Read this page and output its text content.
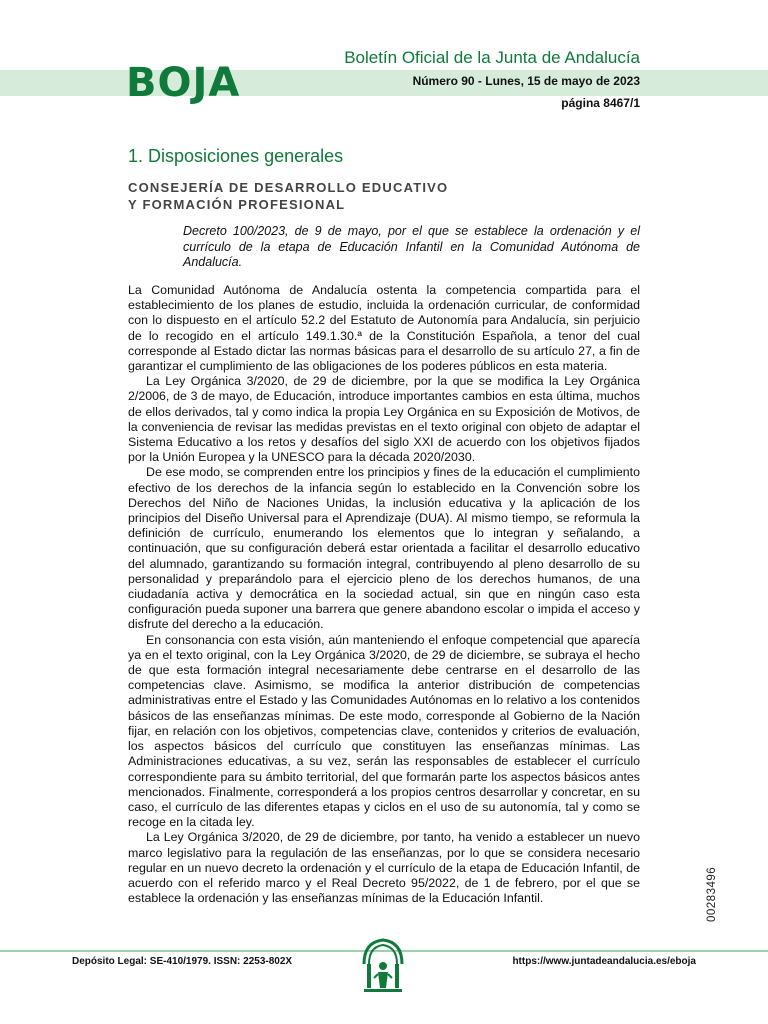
BOJA
Boletín Oficial de la Junta de Andalucía
Número 90 - Lunes, 15 de mayo de 2023
página 8467/1
1. Disposiciones generales
CONSEJERÍA DE DESARROLLO EDUCATIVO
Y FORMACIÓN PROFESIONAL
Decreto 100/2023, de 9 de mayo, por el que se establece la ordenación y el currículo de la etapa de Educación Infantil en la Comunidad Autónoma de Andalucía.

La Comunidad Autónoma de Andalucía ostenta la competencia compartida para el establecimiento de los planes de estudio, incluida la ordenación curricular, de conformidad con lo dispuesto en el artículo 52.2 del Estatuto de Autonomía para Andalucía, sin perjuicio de lo recogido en el artículo 149.1.30.ª de la Constitución Española, a tenor del cual corresponde al Estado dictar las normas básicas para el desarrollo de su artículo 27, a fin de garantizar el cumplimiento de las obligaciones de los poderes públicos en esta materia.

La Ley Orgánica 3/2020, de 29 de diciembre, por la que se modifica la Ley Orgánica 2/2006, de 3 de mayo, de Educación, introduce importantes cambios en esta última, muchos de ellos derivados, tal y como indica la propia Ley Orgánica en su Exposición de Motivos, de la conveniencia de revisar las medidas previstas en el texto original con objeto de adaptar el Sistema Educativo a los retos y desafíos del siglo XXI de acuerdo con los objetivos fijados por la Unión Europea y la UNESCO para la década 2020/2030.

De ese modo, se comprenden entre los principios y fines de la educación el cumplimiento efectivo de los derechos de la infancia según lo establecido en la Convención sobre los Derechos del Niño de Naciones Unidas, la inclusión educativa y la aplicación de los principios del Diseño Universal para el Aprendizaje (DUA). Al mismo tiempo, se reformula la definición de currículo, enumerando los elementos que lo integran y señalando, a continuación, que su configuración deberá estar orientada a facilitar el desarrollo educativo del alumnado, garantizando su formación integral, contribuyendo al pleno desarrollo de su personalidad y preparándolo para el ejercicio pleno de los derechos humanos, de una ciudadanía activa y democrática en la sociedad actual, sin que en ningún caso esta configuración pueda suponer una barrera que genere abandono escolar o impida el acceso y disfrute del derecho a la educación.

En consonancia con esta visión, aún manteniendo el enfoque competencial que aparecía ya en el texto original, con la Ley Orgánica 3/2020, de 29 de diciembre, se subraya el hecho de que esta formación integral necesariamente debe centrarse en el desarrollo de las competencias clave. Asimismo, se modifica la anterior distribución de competencias administrativas entre el Estado y las Comunidades Autónomas en lo relativo a los contenidos básicos de las enseñanzas mínimas. De este modo, corresponde al Gobierno de la Nación fijar, en relación con los objetivos, competencias clave, contenidos y criterios de evaluación, los aspectos básicos del currículo que constituyen las enseñanzas mínimas. Las Administraciones educativas, a su vez, serán las responsables de establecer el currículo correspondiente para su ámbito territorial, del que formarán parte los aspectos básicos antes mencionados. Finalmente, corresponderá a los propios centros desarrollar y concretar, en su caso, el currículo de las diferentes etapas y ciclos en el uso de su autonomía, tal y como se recoge en la citada ley.

La Ley Orgánica 3/2020, de 29 de diciembre, por tanto, ha venido a establecer un nuevo marco legislativo para la regulación de las enseñanzas, por lo que se considera necesario regular en un nuevo decreto la ordenación y el currículo de la etapa de Educación Infantil, de acuerdo con el referido marco y el Real Decreto 95/2022, de 1 de febrero, por el que se establece la ordenación y las enseñanzas mínimas de la Educación Infantil.	00283496
Depósito Legal: SE-410/1979. ISSN: 2253-802X	https://www.juntadeandalucia.es/eboja
